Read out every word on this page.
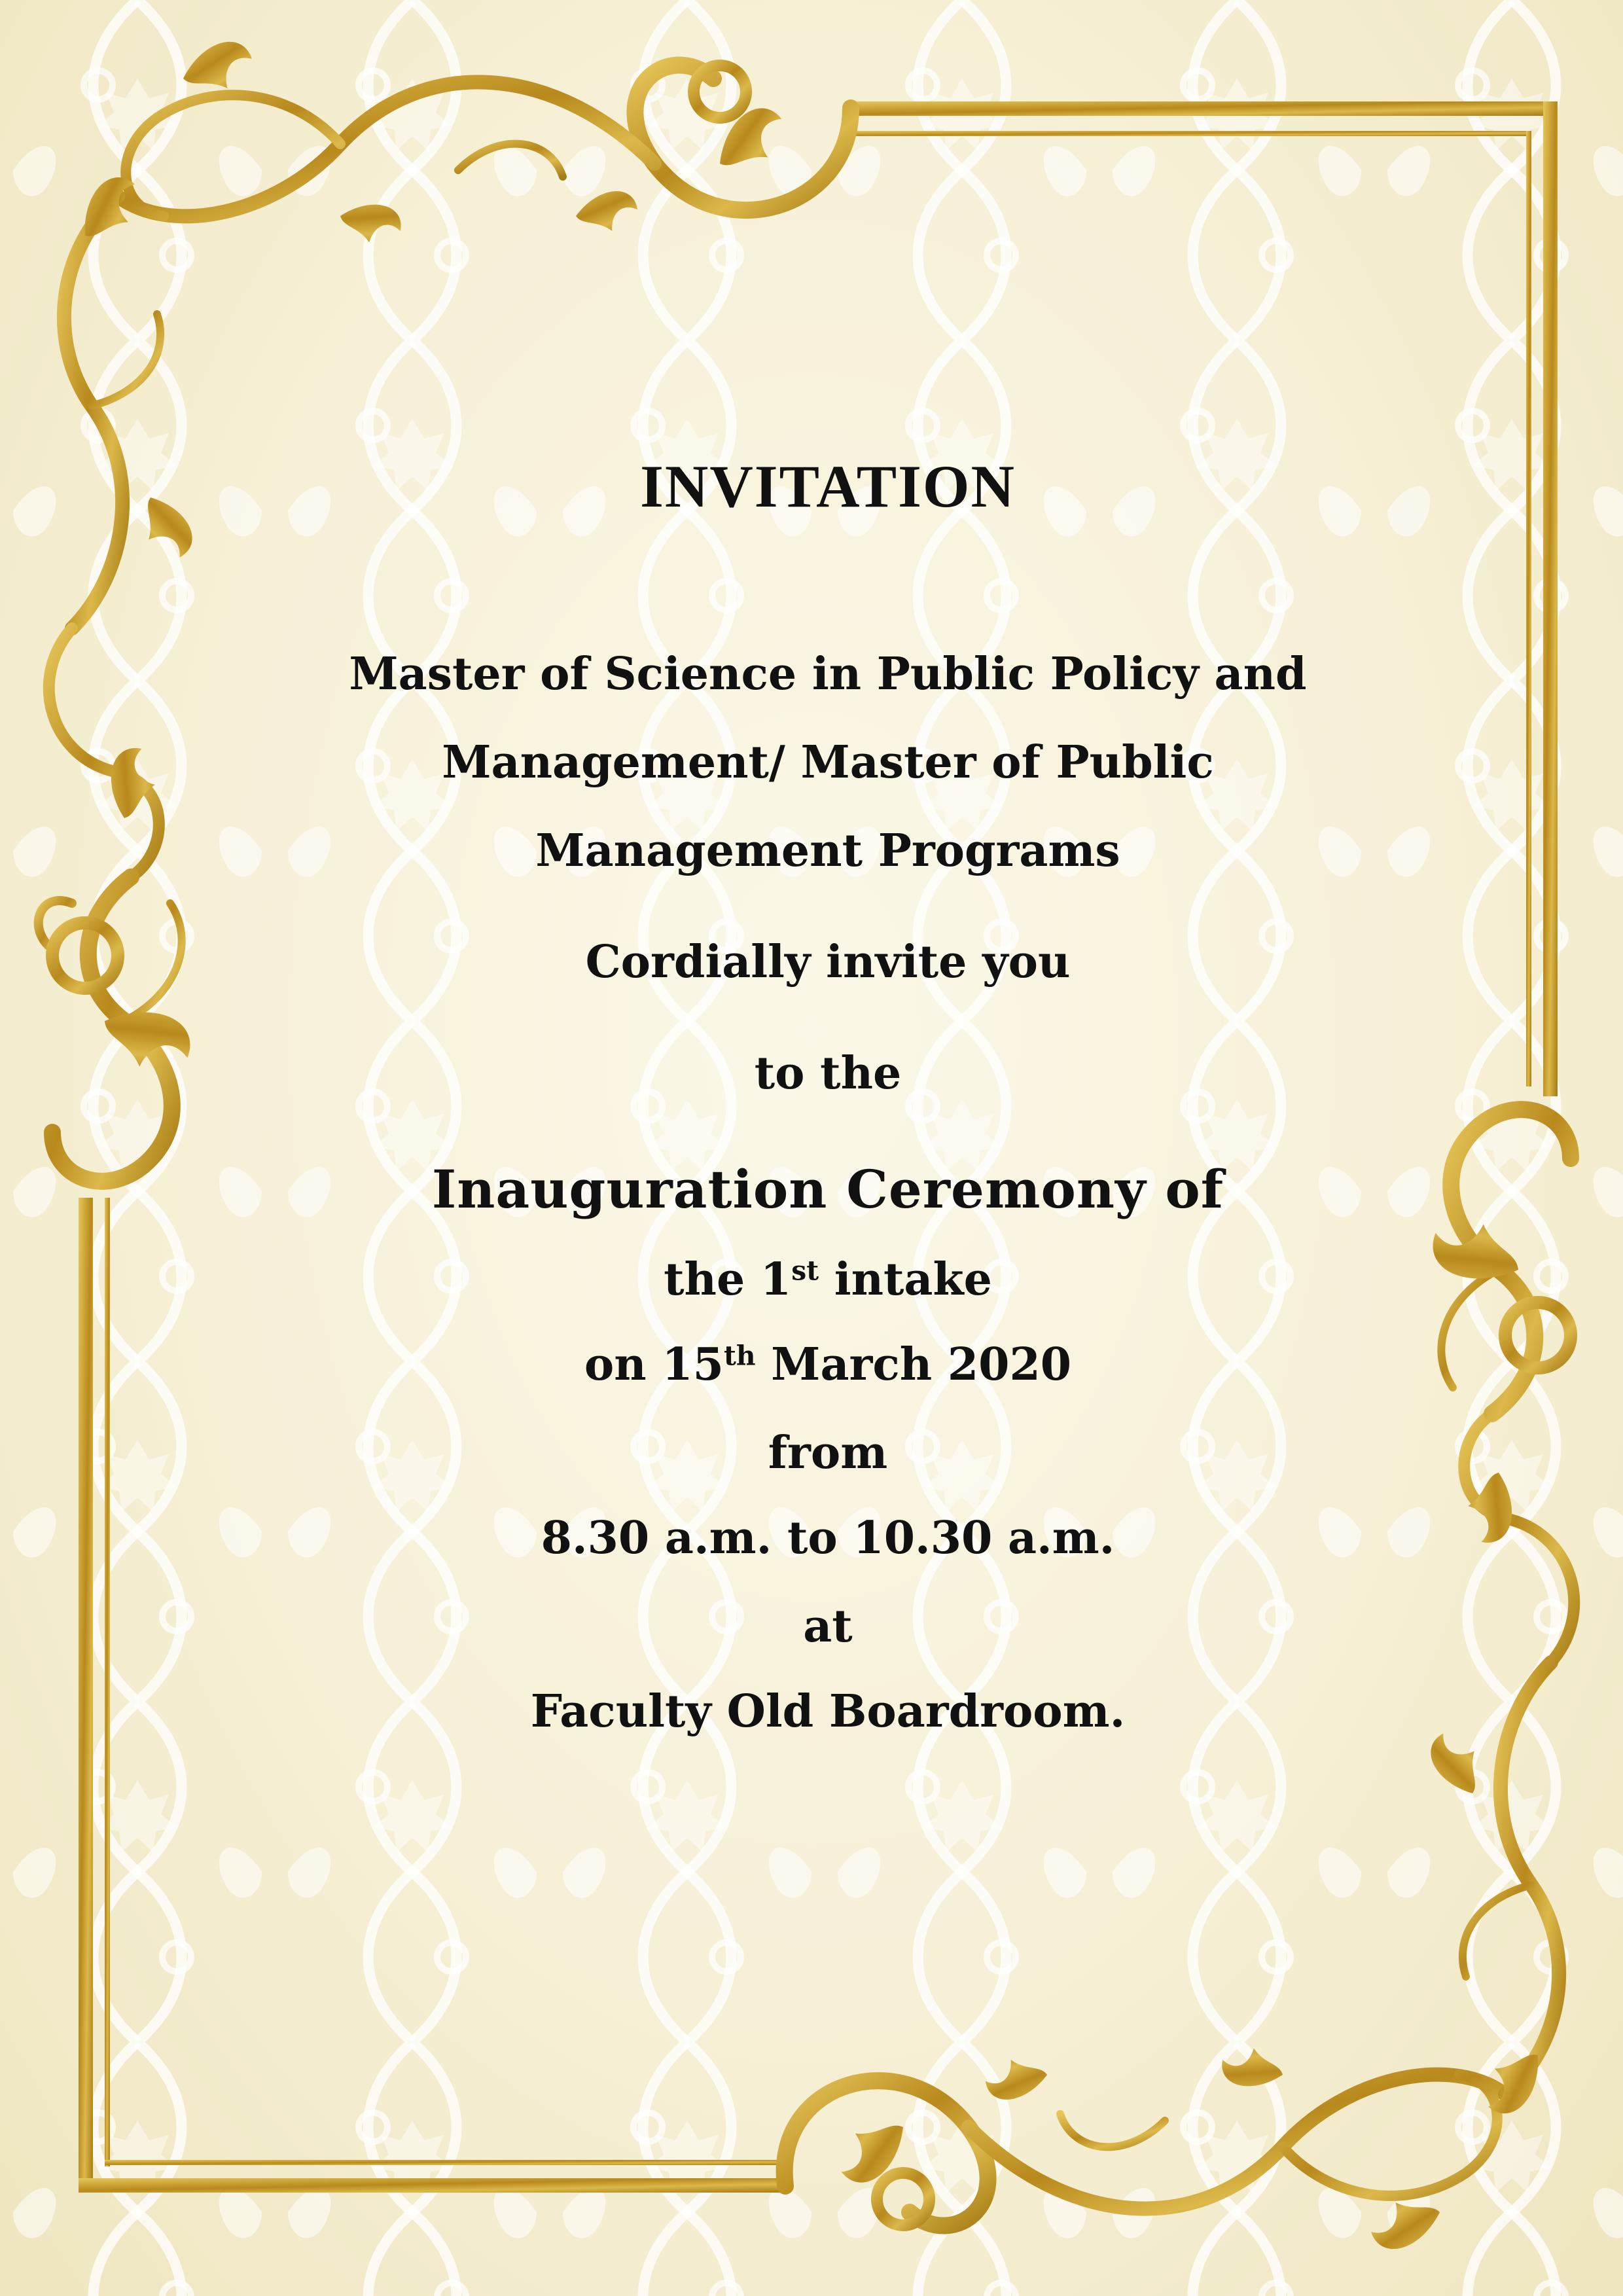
INVITATION
Master of Science in Public Policy and
Management/ Master of Public
Management Programs
Cordially invite you
to the
Inauguration Ceremony of
the 1st intake
on 15th March 2020
from
8.30 a.m. to 10.30 a.m.
at
Faculty Old Boardroom.
